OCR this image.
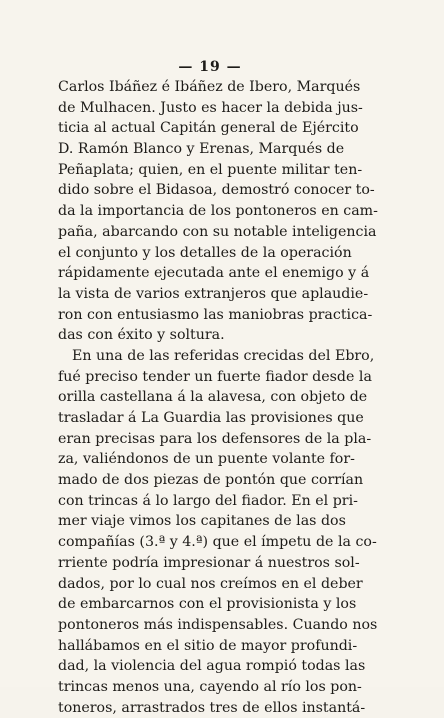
— 19 —
Carlos Ibáñez é Ibáñez de Ibero, Marqués
de Mulhacen. Justo es hacer la debida jus-
ticia al actual Capitán general de Ejército
D. Ramón Blanco y Erenas, Marqués de
Peñaplata; quien, en el puente militar ten-
dido sobre el Bidasoa, demostró conocer to-
da la importancia de los pontoneros en cam-
paña, abarcando con su notable inteligencia
el conjunto y los detalles de la operación
rápidamente ejecutada ante el enemigo y á
la vista de varios extranjeros que aplaudie-
ron con entusiasmo las maniobras practica-
das con éxito y soltura.
En una de las referidas crecidas del Ebro,
fué preciso tender un fuerte fiador desde la
orilla castellana á la alavesa, con objeto de
trasladar á La Guardia las provisiones que
eran precisas para los defensores de la pla-
za, valiéndonos de un puente volante for-
mado de dos piezas de pontón que corrían
con trincas á lo largo del fiador. En el pri-
mer viaje vimos los capitanes de las dos
compañías (3.ª y 4.ª) que el ímpetu de la co-
rriente podría impresionar á nuestros sol-
dados, por lo cual nos creímos en el deber
de embarcarnos con el provisionista y los
pontoneros más indispensables. Cuando nos
hallábamos en el sitio de mayor profundi-
dad, la violencia del agua rompió todas las
trincas menos una, cayendo al río los pon-
toneros, arrastrados tres de ellos instantá-
